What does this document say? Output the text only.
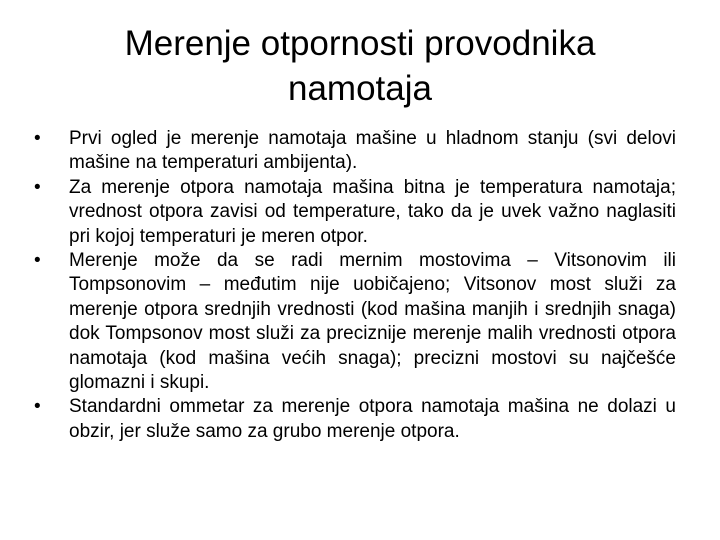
Merenje otpornosti provodnika
namotaja
•	Prvi ogled je merenje namotaja mašine u hladnom stanju (svi delovi mašine na temperaturi ambijenta).
•	Za merenje otpora namotaja mašina bitna je temperatura namotaja; vrednost otpora zavisi od temperature, tako da je uvek važno naglasiti pri kojoj temperaturi je meren otpor.
•	Merenje može da se radi mernim mostovima – Vitsonovim ili Tompsonovim – međutim nije uobičajeno; Vitsonov most služi za merenje otpora srednjih vrednosti (kod mašina manjih i srednjih snaga) dok Tompsonov most služi za preciznije merenje malih vrednosti otpora namotaja (kod mašina većih snaga); precizni mostovi su najčešće glomazni i skupi.
•	Standardni ommetar za merenje otpora namotaja mašina ne dolazi u obzir, jer služe samo za grubo merenje otpora.
